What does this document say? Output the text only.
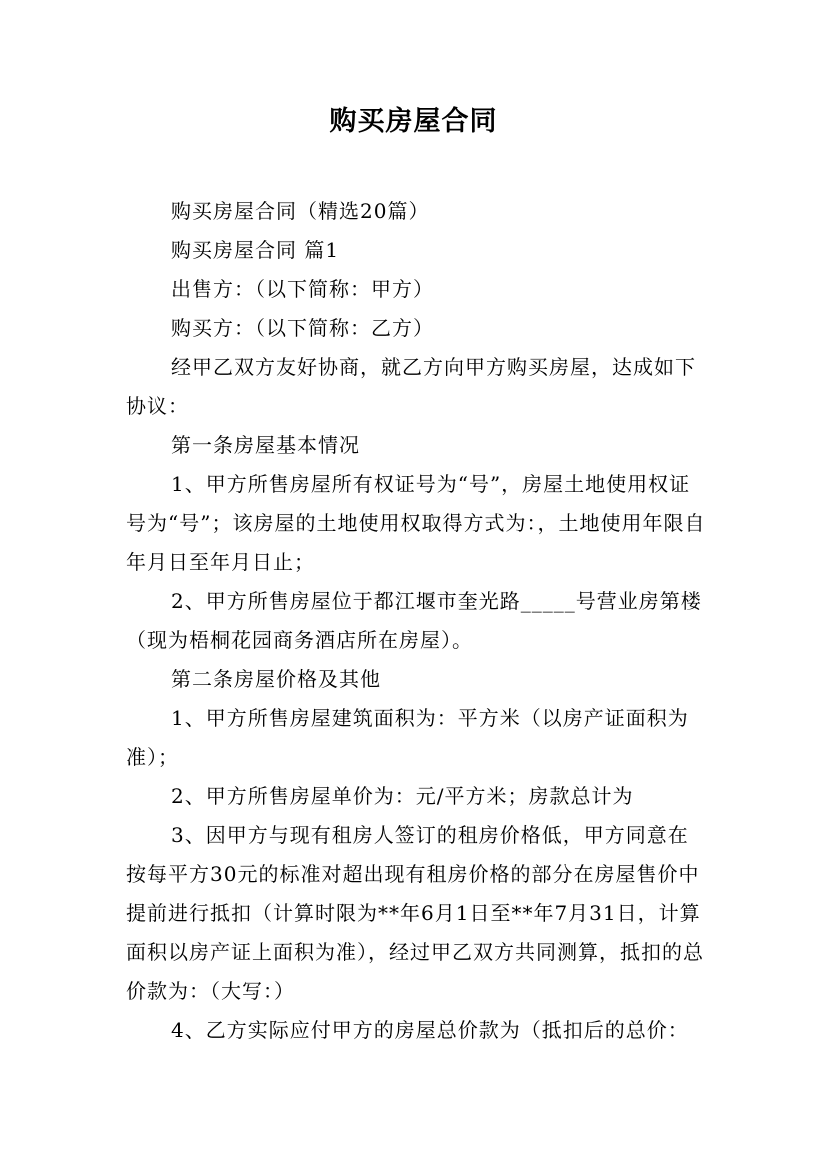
购买房屋合同

购买房屋合同（精选20篇）

购买房屋合同 篇1

出售方：（以下简称：甲方）

购买方：（以下简称：乙方）

经甲乙双方友好协商，就乙方向甲方购买房屋，达成如下协议：

第一条房屋基本情况

1、甲方所售房屋所有权证号为“号”，房屋土地使用权证号为“号”；该房屋的土地使用权取得方式为：，土地使用年限自年月日至年月日止；

2、甲方所售房屋位于都江堰市奎光路_____号营业房第楼（现为梧桐花园商务酒店所在房屋）。

第二条房屋价格及其他

1、甲方所售房屋建筑面积为：平方米（以房产证面积为准）；

2、甲方所售房屋单价为：元/平方米；房款总计为

3、因甲方与现有租房人签订的租房价格低，甲方同意在按每平方30元的标准对超出现有租房价格的部分在房屋售价中提前进行抵扣（计算时限为**年6月1日至**年7月31日，计算面积以房产证上面积为准），经过甲乙双方共同测算，抵扣的总价款为：（大写：）

4、乙方实际应付甲方的房屋总价款为（抵扣后的总价：
